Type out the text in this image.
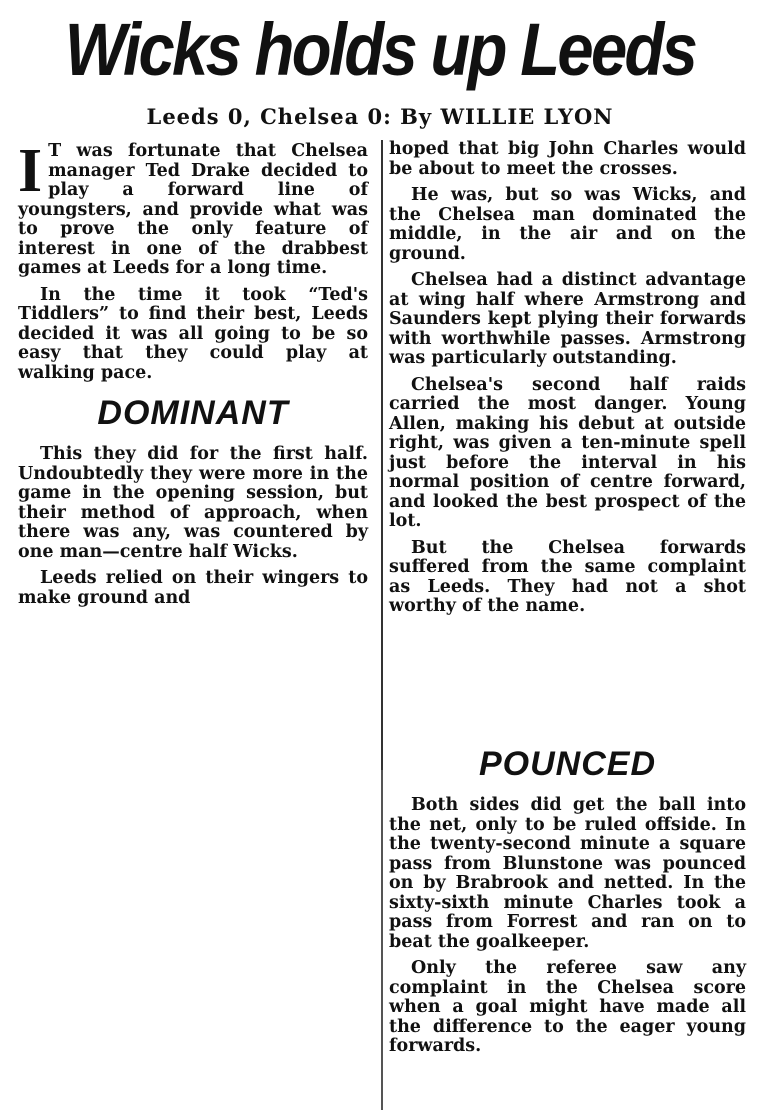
Wicks holds up Leeds
Leeds 0, Chelsea 0: By WILLIE LYON

I T was fortunate that Chelsea manager Ted Drake decided to play a forward line of youngsters, and provide what was to prove the only feature of interest in one of the drabbest games at Leeds for a long time.

In the time it took “Ted's Tiddlers” to find their best, Leeds decided it was all going to be so easy that they could play at walking pace.

DOMINANT

This they did for the first half. Undoubtedly they were more in the game in the opening session, but their method of approach, when there was any, was countered by one man—centre half Wicks.

Leeds relied on their wingers to make ground and

hoped that big John Charles would be about to meet the crosses.

He was, but so was Wicks, and the Chelsea man dominated the middle, in the air and on the ground.

Chelsea had a distinct advantage at wing half where Armstrong and Saunders kept plying their forwards with worthwhile passes. Armstrong was particularly outstanding.

Chelsea's second half raids carried the most danger. Young Allen, making his debut at outside right, was given a ten-minute spell just before the interval in his normal position of centre forward, and looked the best prospect of the lot.

But the Chelsea forwards suffered from the same complaint as Leeds. They had not a shot worthy of the name.

POUNCED

Both sides did get the ball into the net, only to be ruled offside. In the twenty-second minute a square pass from Blunstone was pounced on by Brabrook and netted. In the sixty-sixth minute Charles took a pass from Forrest and ran on to beat the goalkeeper.

Only the referee saw any complaint in the Chelsea score when a goal might have made all the difference to the eager young forwards.
